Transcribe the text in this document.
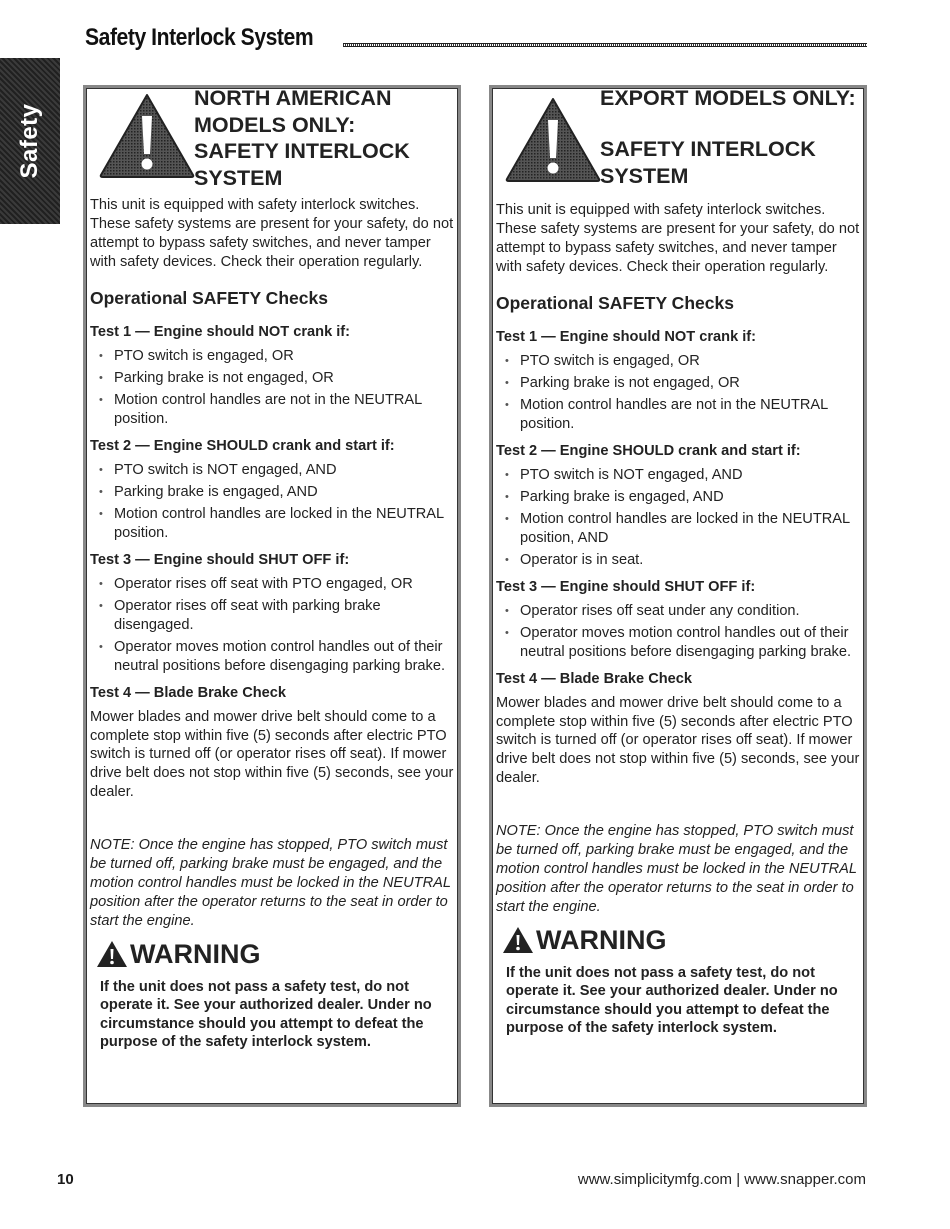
Safety
Safety Interlock System
NORTH AMERICAN
MODELS ONLY:
SAFETY INTERLOCK
SYSTEM

This unit is equipped with safety interlock switches. These safety systems are present for your safety, do not attempt to bypass safety switches, and never tamper with safety devices. Check their operation regularly.

Operational SAFETY Checks
Test 1 — Engine should NOT crank if:
• PTO switch is engaged, OR
• Parking brake is not engaged, OR
• Motion control handles are not in the NEUTRAL position.
Test 2 — Engine SHOULD crank and start if:
• PTO switch is NOT engaged, AND
• Parking brake is engaged, AND
• Motion control handles are locked in the NEUTRAL position.
Test 3 — Engine should SHUT OFF if:
• Operator rises off seat with PTO engaged, OR
• Operator rises off seat with parking brake disengaged.
• Operator moves motion control handles out of their neutral positions before disengaging parking brake.
Test 4 — Blade Brake Check

Mower blades and mower drive belt should come to a complete stop within five (5) seconds after electric PTO switch is turned off (or operator rises off seat). If mower drive belt does not stop within five (5) seconds, see your dealer.

NOTE: Once the engine has stopped, PTO switch must be turned off, parking brake must be engaged, and the motion control handles must be locked in the NEUTRAL position after the operator returns to the seat in order to start the engine.

WARNING

If the unit does not pass a safety test, do not operate it. See your authorized dealer. Under no circumstance should you attempt to defeat the purpose of the safety interlock system.

EXPORT MODELS ONLY:
SAFETY INTERLOCK
SYSTEM

This unit is equipped with safety interlock switches. These safety systems are present for your safety, do not attempt to bypass safety switches, and never tamper with safety devices. Check their operation regularly.

Operational SAFETY Checks
Test 1 — Engine should NOT crank if:
• PTO switch is engaged, OR
• Parking brake is not engaged, OR
• Motion control handles are not in the NEUTRAL position.
Test 2 — Engine SHOULD crank and start if:
• PTO switch is NOT engaged, AND
• Parking brake is engaged, AND
• Motion control handles are locked in the NEUTRAL position, AND
• Operator is in seat.
Test 3 — Engine should SHUT OFF if:
• Operator rises off seat under any condition.
• Operator moves motion control handles out of their neutral positions before disengaging parking brake.
Test 4 — Blade Brake Check

Mower blades and mower drive belt should come to a complete stop within five (5) seconds after electric PTO switch is turned off (or operator rises off seat). If mower drive belt does not stop within five (5) seconds, see your dealer.

NOTE: Once the engine has stopped, PTO switch must be turned off, parking brake must be engaged, and the motion control handles must be locked in the NEUTRAL position after the operator returns to the seat in order to start the engine.

WARNING

If the unit does not pass a safety test, do not operate it. See your authorized dealer. Under no circumstance should you attempt to defeat the purpose of the safety interlock system.

10	www.simplicitymfg.com | www.snapper.com
